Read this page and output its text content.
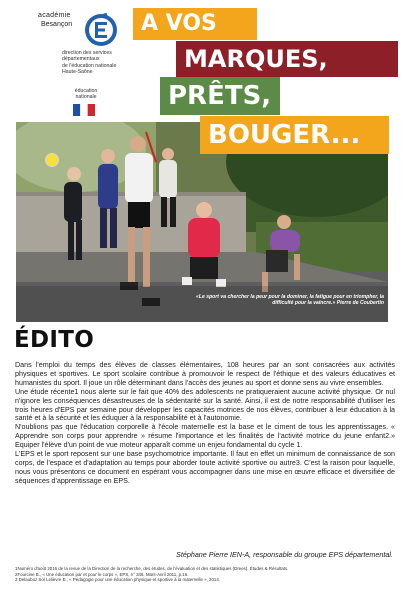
académie
Besançon
direction des services
départementaux
de l'éducation nationale
Haute-Saône
éducation
nationale
A VOS
MARQUES,
PRÊTS,
BOUGER...
«Le sport va chercher la peur pour la dominer, la fatigue pour en triompher, la difficulté pour la vaincre.» Pierre de Coubertin
ÉDITO

Dans l'emploi du temps des élèves de classes élémentaires, 108 heures par an sont consacrées aux activités physiques et sportives. Le sport scolaire contribue à promouvoir le respect de l'éthique et des valeurs éducatives et humanistes du sport. Il joue un rôle déterminant dans l'accès des jeunes au sport et donne sens au vivre ensembles.

Une étude récente1 nous alerte sur le fait que 40% des adolescents ne pratiqueraient aucune activité physique. Or nul n'ignore les conséquences désastreuses de la sédentarité sur la santé. Ainsi, il est de notre responsabilité d'utiliser les trois heures d'EPS par semaine pour développer les capacités motrices de nos élèves, contribuer à leur éducation à la santé et à la sécurité et les éduquer à la responsabilité et à l'autonomie.

N'oublions pas que l'éducation corporelle à l'école maternelle est la base et le ciment de tous les apprentissages. « Apprendre son corps pour apprendre » résume l'importance et les finalités de l'activité motrice du jeune enfant2.» Equiper l'élève d'un point de vue moteur apparaît comme un enjeu fondamental du cycle 1.

L'EPS et le sport reposent sur une base psychomotrice importante. Il faut en effet un minimum de connaissance de son corps, de l'espace et d'adaptation au temps pour aborder toute activité sportive ou autre3. C'est la raison pour laquelle, nous vous présentons ce document en espérant vous accompagner dans une mise en œuvre efficace et diversifiée de séquences d'apprentissage en EPS.

Stéphane Pierre IEN-A, responsable du groupe EPS départemental.
1Numéro d'août 2016 de la revue de la Direction de la recherche, des études, de l'évaluation et des statistiques (Drees), Études & Résultats.
2Fourcine B., « Une éducation par et pour le corps », EPS, n° 346, Mars-Avril 2011, p.16.
3 Delaubuz Sol Lelièvre E., « Pédagogie pour une éducation physique et sportive à la maternelle », 2014.
